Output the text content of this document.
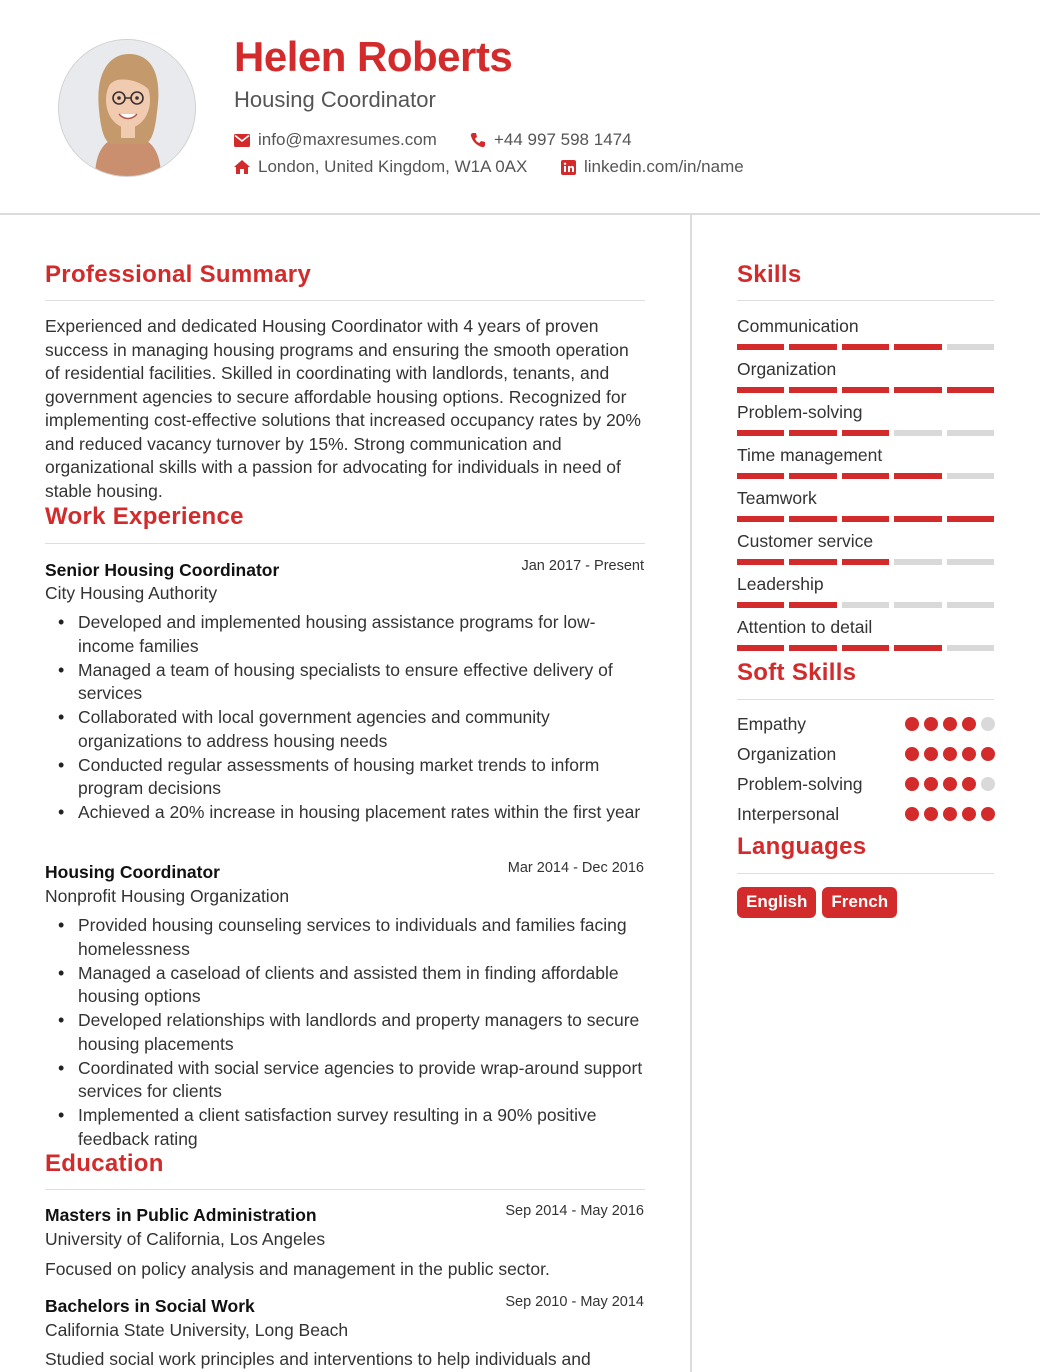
Helen Roberts
Housing Coordinator
info@maxresumes.com	+44 997 598 1474
London, United Kingdom, W1A 0AX	linkedin.com/in/name
Professional Summary
Experienced and dedicated Housing Coordinator with 4 years of proven success in managing housing programs and ensuring the smooth operation of residential facilities. Skilled in coordinating with landlords, tenants, and government agencies to secure affordable housing options. Recognized for implementing cost-effective solutions that increased occupancy rates by 20% and reduced vacancy turnover by 15%. Strong communication and organizational skills with a passion for advocating for individuals in need of stable housing.
Work Experience
Senior Housing Coordinator	Jan 2017 - Present
City Housing Authority
• Developed and implemented housing assistance programs for low-income families
• Managed a team of housing specialists to ensure effective delivery of services
• Collaborated with local government agencies and community organizations to address housing needs
• Conducted regular assessments of housing market trends to inform program decisions
• Achieved a 20% increase in housing placement rates within the first year
Housing Coordinator	Mar 2014 - Dec 2016
Nonprofit Housing Organization
• Provided housing counseling services to individuals and families facing homelessness
• Managed a caseload of clients and assisted them in finding affordable housing options
• Developed relationships with landlords and property managers to secure housing placements
• Coordinated with social service agencies to provide wrap-around support services for clients
• Implemented a client satisfaction survey resulting in a 90% positive feedback rating
Education
Masters in Public Administration	Sep 2014 - May 2016
University of California, Los Angeles
Focused on policy analysis and management in the public sector.
Bachelors in Social Work	Sep 2010 - May 2014
California State University, Long Beach
Studied social work principles and interventions to help individuals and
Skills
Communication
Organization
Problem-solving
Time management
Teamwork
Customer service
Leadership
Attention to detail
Soft Skills
Empathy
Organization
Problem-solving
Interpersonal
Languages
English	French
